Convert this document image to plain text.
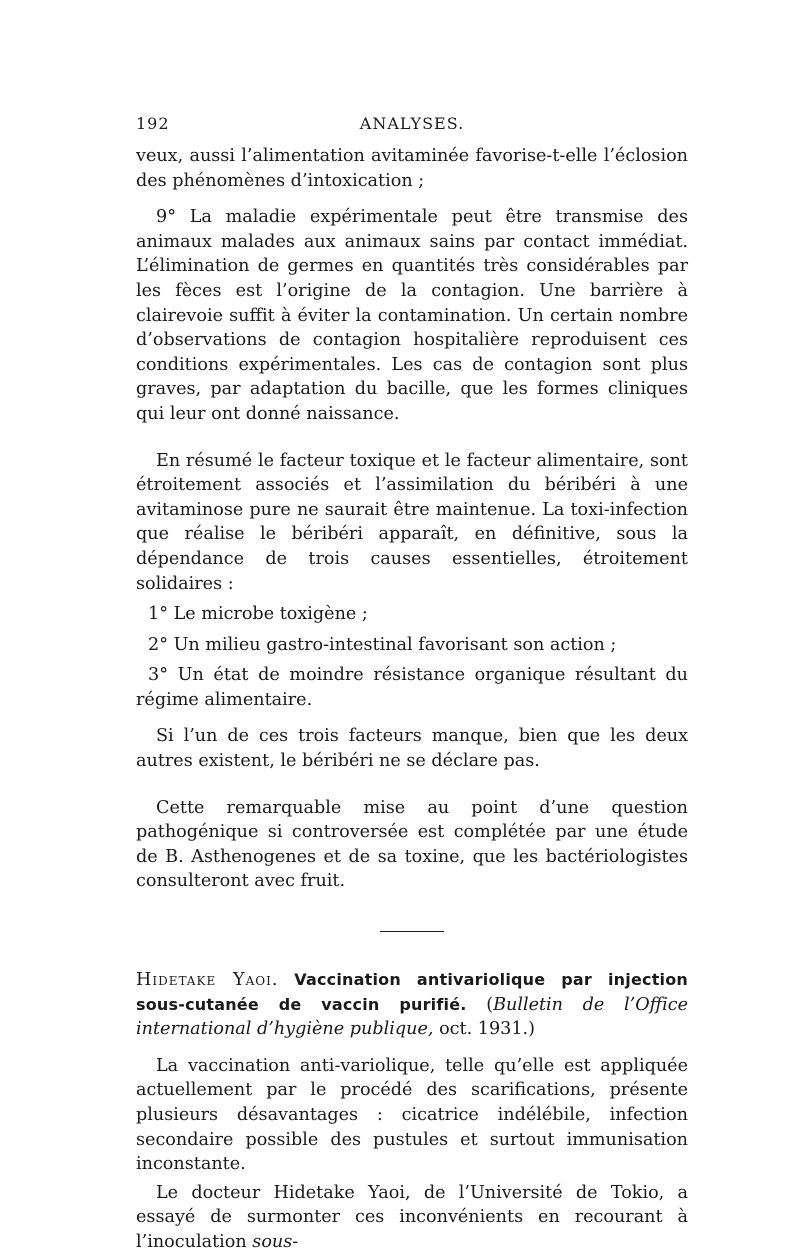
192	ANALYSES.

veux, aussi l’alimentation avitaminée favorise-t-elle l’éclosion des phénomènes d’intoxication ;

9° La maladie expérimentale peut être transmise des animaux malades aux animaux sains par contact immédiat. L’élimination de germes en quantités très considérables par les fèces est l’origine de la contagion. Une barrière à clairevoie suffit à éviter la contamination. Un certain nombre d’observations de contagion hospitalière reproduisent ces conditions expérimentales. Les cas de contagion sont plus graves, par adaptation du bacille, que les formes cliniques qui leur ont donné naissance.

En résumé le facteur toxique et le facteur alimentaire, sont étroitement associés et l’assimilation du béribéri à une avitaminose pure ne saurait être maintenue. La toxi-infection que réalise le béribéri apparaît, en définitive, sous la dépendance de trois causes essentielles, étroitement solidaires :

1° Le microbe toxigène ;

2° Un milieu gastro-intestinal favorisant son action ;

3° Un état de moindre résistance organique résultant du régime alimentaire.

Si l’un de ces trois facteurs manque, bien que les deux autres existent, le béribéri ne se déclare pas.

Cette remarquable mise au point d’une question pathogénique si controversée est complétée par une étude de B. Asthenogenes et de sa toxine, que les bactériologistes consulteront avec fruit.

Hidetake Yaoi. Vaccination antivariolique par injection sous-cutanée de vaccin purifié. (Bulletin de l’Office international d’hygiène publique, oct. 1931.)

La vaccination anti-variolique, telle qu’elle est appliquée actuellement par le procédé des scarifications, présente plusieurs désavantages : cicatrice indélébile, infection secondaire possible des pustules et surtout immunisation inconstante.

Le docteur Hidetake Yaoi, de l’Université de Tokio, a essayé de surmonter ces inconvénients en recourant à l’inoculation sous-
